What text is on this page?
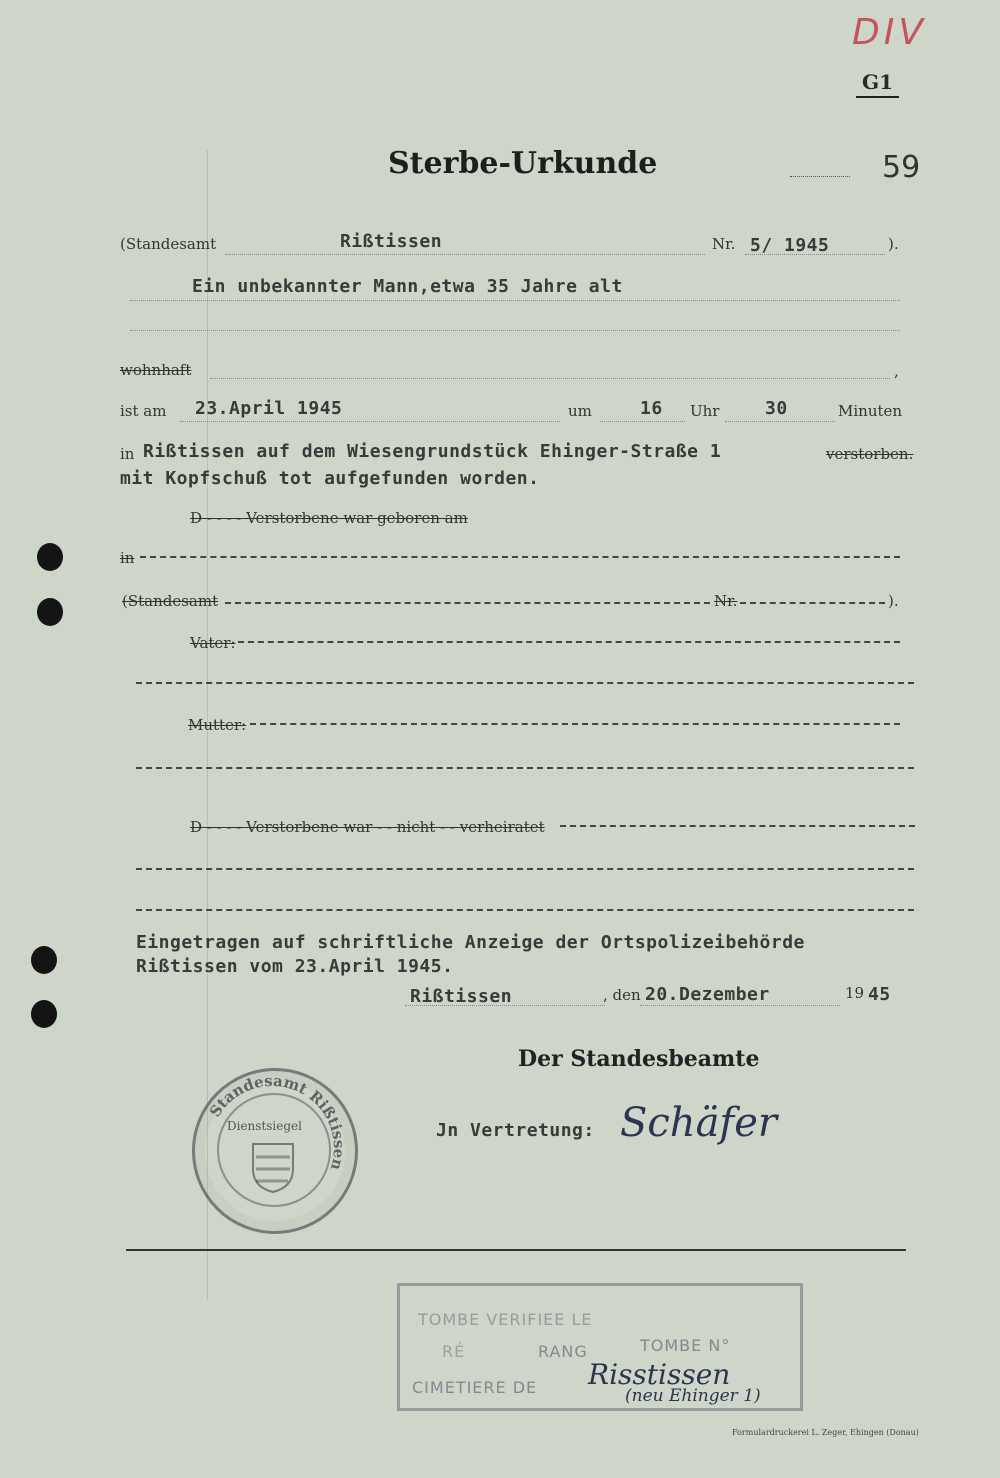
DIV
G1
Sterbe-Urkunde	59
(Standesamt	Rißtissen	Nr. 5/ 1945	).
Ein unbekannter Mann,etwa 35 Jahre alt
wohnhaft	,
ist am 23.April 1945	um	16 Uhr	30	Minuten
in Rißtissen auf dem Wiesengrundstück Ehinger-Straße 1	verstorben.
mit Kopfschuß tot aufgefunden worden.
D - - - - Verstorbene war geboren am
in
(Standesamt	Nr.	).
Vater:
Mutter:
D - - - - Verstorbene war - - nicht - - verheiratet
Eingetragen auf schriftliche Anzeige der Ortspolizeibehörde
Rißtissen vom 23.April 1945.
Rißtissen	, den 20.Dezember	19 45
Der Standesbeamte
Jn Vertretung: Schäfer
Standesamt Rißtissen
Dienstsiegel
TOMBE VERIFIEE LE
RÉ	RANG	TOMBE N°
CIMETIERE DE Risstissen
(neu Ehinger 1)
Formulardruckerei L. Zeger, Ehingen (Donau)
